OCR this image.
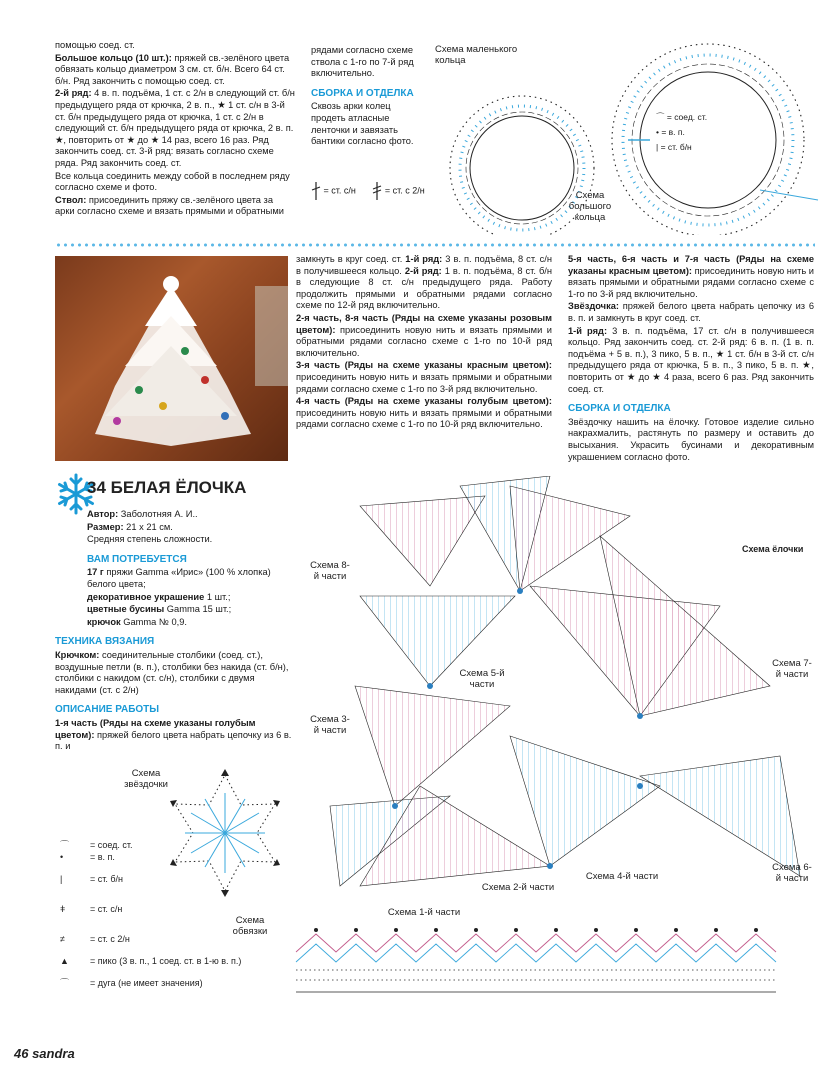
помощью соед. ст.

Большое кольцо (10 шт.): пряжей св.-зелёного цвета обвязать кольцо диаметром 3 см. ст. б/н. Всего 64 ст. б/н. Ряд закончить с помощью соед. ст.

2-й ряд: 4 в. п. подъёма, 1 ст. с 2/н в следующий ст. б/н предыдущего ряда от крючка, 2 в. п., ★ 1 ст. с/н в 3-й ст. б/н предыдущего ряда от крючка, 1 ст. с 2/н в следующий ст. б/н предыдущего ряда от крючка, 2 в. п. ★, повторить от ★ до ★ 14 раз, всего 16 раз. Ряд закончить соед. ст. 3-й ряд: вязать согласно схеме ряда. Ряд закончить соед. ст.

Все кольца соединить между собой в последнем ряду согласно схеме и фото.

Ствол: присоединить пряжу св.-зелёного цвета за арки согласно схеме и вязать прямыми и обратными

рядами согласно схеме ствола с 1-го по 7-й ряд включительно.

СБОРКА И ОТДЕЛКА

Сквозь арки колец продеть атласные ленточки и завязать бантики согласно фото.

= ст. с/н	= ст. с 2/н
Схема маленького кольца
⌒ = соед. ст.
• = в. п.
| = ст. б/н
Схема большого кольца

замкнуть в круг соед. ст. 1-й ряд: 3 в. п. подъёма, 8 ст. с/н в получившееся кольцо. 2-й ряд: 1 в. п. подъёма, 8 ст. б/н в следующие 8 ст. с/н предыдущего ряда. Работу продолжить прямыми и обратными рядами согласно схеме по 12-й ряд включительно.

2-я часть, 8-я часть (Ряды на схеме указаны розовым цветом): присоединить новую нить и вязать прямыми и обратными рядами согласно схеме с 1-го по 10-й ряд включительно.

3-я часть (Ряды на схеме указаны красным цветом): присоединить новую нить и вязать прямыми и обратными рядами согласно схеме с 1-го по 3-й ряд включительно.

4-я часть (Ряды на схеме указаны голубым цветом): присоединить новую нить и вязать прямыми и обратными рядами согласно схеме с 1-го по 10-й ряд включительно.

5-я часть, 6-я часть и 7-я часть (Ряды на схеме указаны красным цветом): присоединить новую нить и вязать прямыми и обратными рядами согласно схеме с 1-го по 3-й ряд включительно.

Звёздочка: пряжей белого цвета набрать цепочку из 6 в. п. и замкнуть в круг соед. ст.

1-й ряд: 3 в. п. подъёма, 17 ст. с/н в получившееся кольцо. Ряд закончить соед. ст. 2-й ряд: 6 в. п. (1 в. п. подъёма + 5 в. п.), 3 пико, 5 в. п., ★ 1 ст. б/н в 3-й ст. с/н предыдущего ряда от крючка, 5 в. п., 3 пико, 5 в. п. ★, повторить от ★ до ★ 4 раза, всего 6 раз. Ряд закончить соед. ст.

СБОРКА И ОТДЕЛКА

Звёздочку нашить на ёлочку. Готовое изделие сильно накрахмалить, растянуть по размеру и оставить до высыхания. Украсить бусинами и декоративным украшением согласно фото.

34 БЕЛАЯ ЁЛОЧКА

Автор: Заболотняя А. И..

Размер: 21 х 21 см.

Средняя степень сложности.

ВАМ ПОТРЕБУЕТСЯ

17 г пряжи Gamma «Ирис» (100 % хлопка) белого цвета;

декоративное украшение 1 шт.;

цветные бусины Gamma 15 шт.;

крючок Gamma № 0,9.

ТЕХНИКА ВЯЗАНИЯ

Крючком: соединительные столбики (соед. ст.), воздушные петли (в. п.), столбики без накида (ст. б/н), столбики с накидом (ст. с/н), столбики с двумя накидами (ст. с 2/н)

ОПИСАНИЕ РАБОТЫ

1-я часть (Ряды на схеме указаны голубым цветом): пряжей белого цвета набрать цепочку из 6 в. п. и

Схема звёздочки
Схема обвязки
⌒ = соед. ст.
•	= в. п.
|	= ст. б/н
ǂ	= ст. с/н
≠	= ст. с 2/н
▲ = пико (3 в. п., 1 соед. ст. в 1-ю в. п.)
⌒ = дуга (не имеет значения)
Схема ёлочки
Схема 8-й части
Схема 5-й части
Схема 7-й части
Схема 3-й части
Схема 4-й части
Схема 6-й части
Схема 2-й части
Схема 1-й части
46 sandra
